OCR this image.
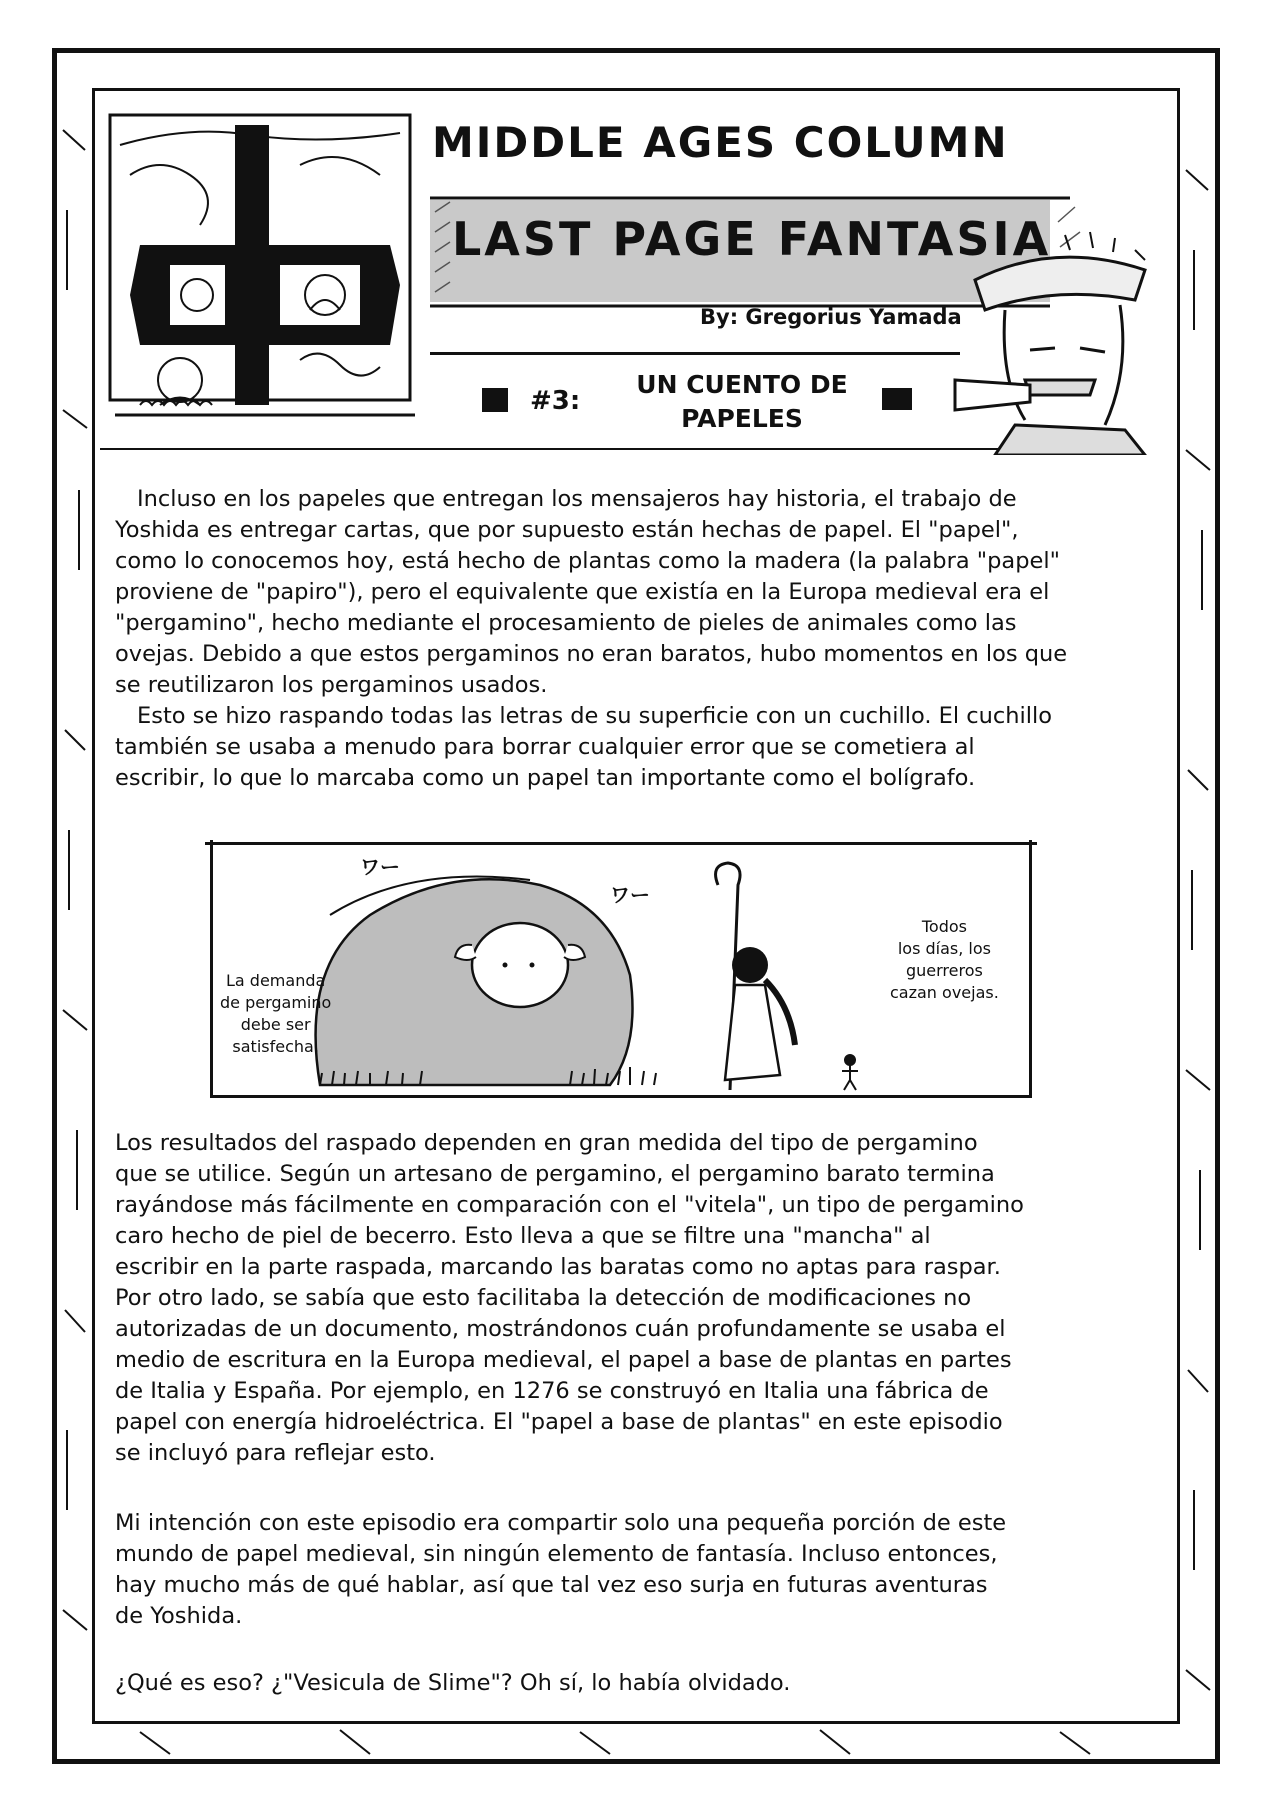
MIDDLE AGES COLUMN
LAST PAGE FANTASIA
By: Gregorius Yamada
#3:
UN CUENTO DE
PAPELES
Incluso en los papeles que entregan los mensajeros hay historia, el trabajo de
Yoshida es entregar cartas, que por supuesto están hechas de papel. El "papel",
como lo conocemos hoy, está hecho de plantas como la madera (la palabra "papel"
proviene de "papiro"), pero el equivalente que existía en la Europa medieval era el
"pergamino", hecho mediante el procesamiento de pieles de animales como las
ovejas. Debido a que estos pergaminos no eran baratos, hubo momentos en los que
se reutilizaron los pergaminos usados.
Esto se hizo raspando todas las letras de su superficie con un cuchillo. El cuchillo
también se usaba a menudo para borrar cualquier error que se cometiera al
escribir, lo que lo marcaba como un papel tan importante como el bolígrafo.
La demanda
de pergamino
debe ser
satisfecha.
Todos
los días, los
guerreros
cazan ovejas.
ワー
ワー
Los resultados del raspado dependen en gran medida del tipo de pergamino
que se utilice. Según un artesano de pergamino, el pergamino barato termina
rayándose más fácilmente en comparación con el "vitela", un tipo de pergamino
caro hecho de piel de becerro. Esto lleva a que se filtre una "mancha" al
escribir en la parte raspada, marcando las baratas como no aptas para raspar.
Por otro lado, se sabía que esto facilitaba la detección de modificaciones no
autorizadas de un documento, mostrándonos cuán profundamente se usaba el
medio de escritura en la Europa medieval, el papel a base de plantas en partes
de Italia y España. Por ejemplo, en 1276 se construyó en Italia una fábrica de
papel con energía hidroeléctrica. El "papel a base de plantas" en este episodio
se incluyó para reflejar esto.
Mi intención con este episodio era compartir solo una pequeña porción de este
mundo de papel medieval, sin ningún elemento de fantasía. Incluso entonces,
hay mucho más de qué hablar, así que tal vez eso surja en futuras aventuras
de Yoshida.
¿Qué es eso? ¿"Vesicula de Slime"? Oh sí, lo había olvidado.
